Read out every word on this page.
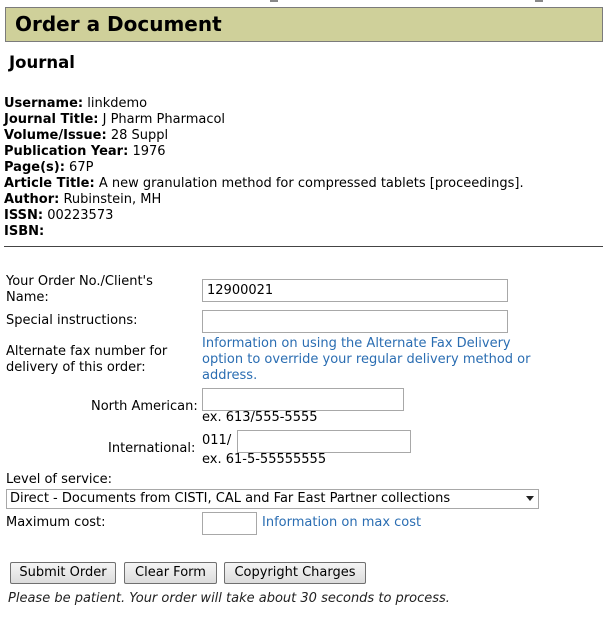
Order a Document
Journal
Username: linkdemo
Journal Title: J Pharm Pharmacol
Volume/Issue: 28 Suppl
Publication Year: 1976
Page(s): 67P
Article Title: A new granulation method for compressed tablets [proceedings].
Author: Rubinstein, MH
ISSN: 00223573
ISBN:
Your Order No./Client's
Name:
12900021
Special instructions:
Alternate fax number for
delivery of this order:
Information on using the Alternate Fax Delivery
option to override your regular delivery method or
address.
North American:
ex. 613/555-5555
International:
011/
ex. 61-5-55555555
Level of service:
Direct - Documents from CISTI, CAL and Far East Partner collections
Maximum cost:	Information on max cost
Submit Order	Clear Form	Copyright Charges
Please be patient. Your order will take about 30 seconds to process.
